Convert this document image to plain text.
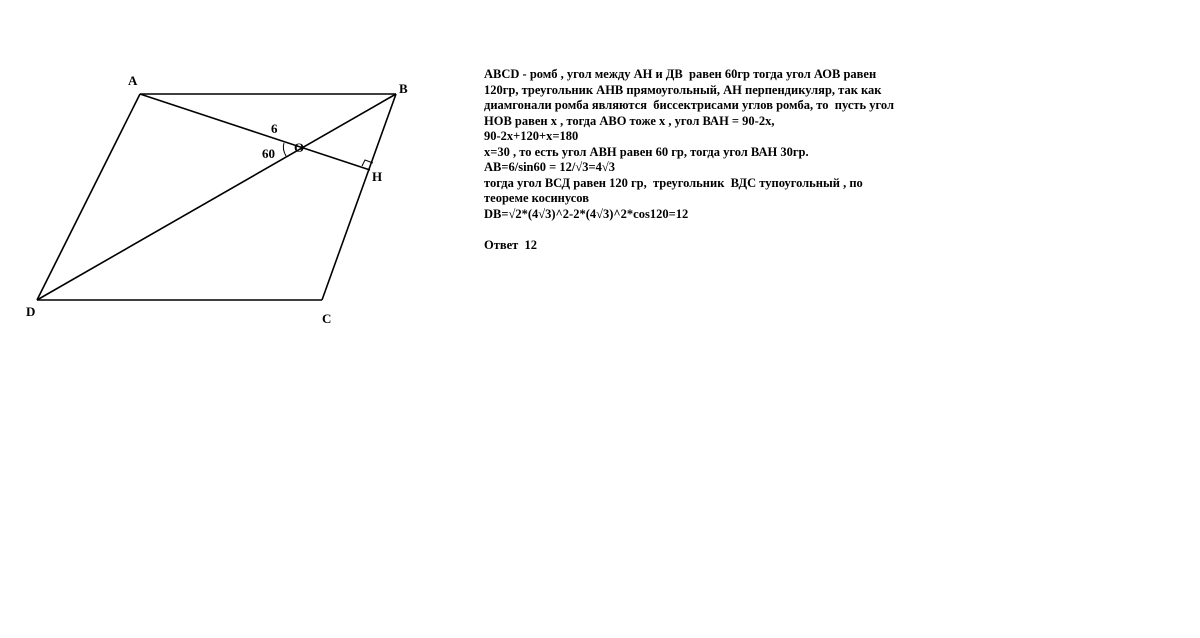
A
B
C
D
O
H
6
60
ABCD - ромб , угол между АН и ДВ  равен 60гр тогда угол АОВ равен
120гр, треугольник АНВ прямоугольный, АН перпендикуляр, так как
диамгонали ромба являются  биссектрисами углов ромба, то  пусть угол
НОВ равен х , тогда АВО тоже х , угол ВАН = 90-2х,
90-2х+120+х=180
х=30 , то есть угол АВН равен 60 гр, тогда угол ВАН 30гр.
АВ=6/sin60 = 12/√3=4√3
тогда угол ВСД равен 120 гр,  треугольник  ВДС тупоугольный , по
теореме косинусов
DB=√2*(4√3)^2-2*(4√3)^2*cos120=12
Ответ  12
